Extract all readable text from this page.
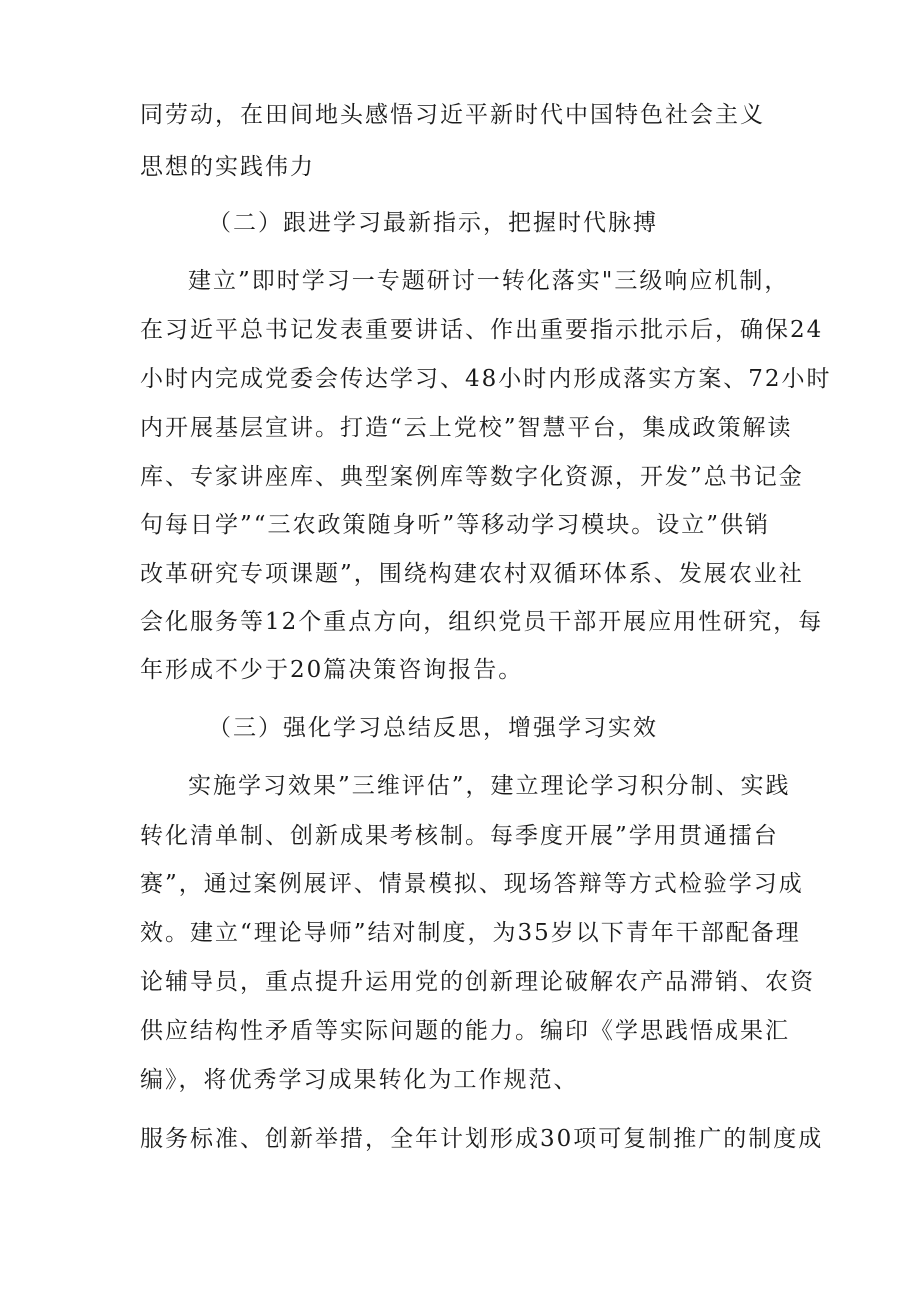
同劳动，在田间地头感悟习近平新时代中国特色社会主义

思想的实践伟力

（二）跟进学习最新指示，把握时代脉搏

建立”即时学习一专题研讨一转化落实"三级响应机制，

在习近平总书记发表重要讲话、作出重要指示批示后，确保24

小时内完成党委会传达学习、48小时内形成落实方案、72小时

内开展基层宣讲。打造“云上党校”智慧平台，集成政策解读

库、专家讲座库、典型案例库等数字化资源，开发”总书记金

句每日学”“三农政策随身听”等移动学习模块。设立”供销

改革研究专项课题”，围绕构建农村双循环体系、发展农业社

会化服务等12个重点方向，组织党员干部开展应用性研究，每

年形成不少于20篇决策咨询报告。

（三）强化学习总结反思，增强学习实效

实施学习效果”三维评估”，建立理论学习积分制、实践

转化清单制、创新成果考核制。每季度开展”学用贯通擂台

赛”，通过案例展评、情景模拟、现场答辩等方式检验学习成

效。建立“理论导师”结对制度，为35岁以下青年干部配备理

论辅导员，重点提升运用党的创新理论破解农产品滞销、农资

供应结构性矛盾等实际问题的能力。编印《学思践悟成果汇

编》，将优秀学习成果转化为工作规范、

服务标准、创新举措，全年计划形成30项可复制推广的制度成
